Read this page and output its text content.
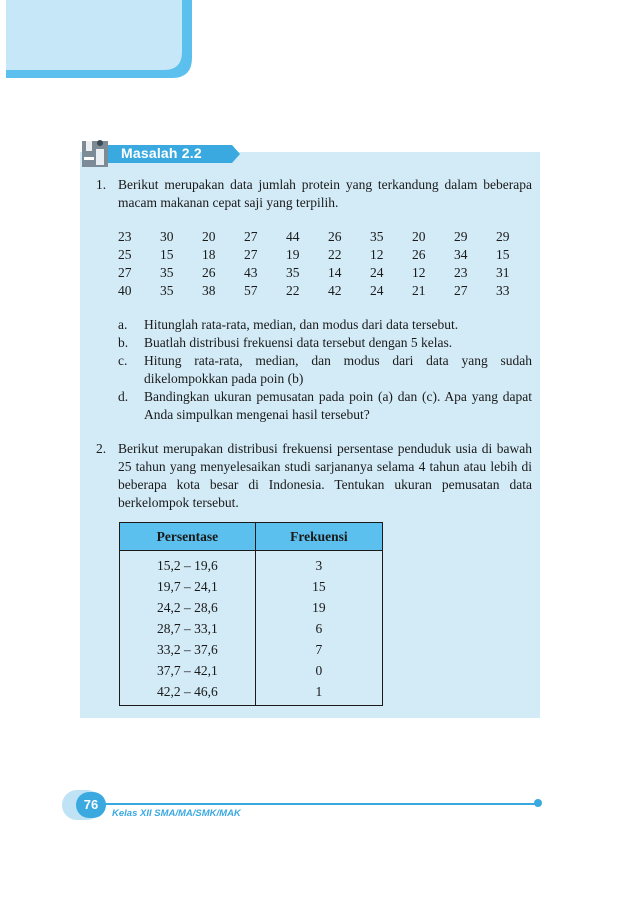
Masalah 2.2
1. Berikut merupakan data jumlah protein yang terkandung dalam beberapa macam makanan cepat saji yang terpilih.
23	30	20	27	44	26	35	20	29	29
25	15	18	27	19	22	12	26	34	15
27	35	26	43	35	14	24	12	23	31
40	35	38	57	22	42	24	21	27	33
a. Hitunglah rata-rata, median, dan modus dari data tersebut.
b. Buatlah distribusi frekuensi data tersebut dengan 5 kelas.
c. Hitung rata-rata, median, dan modus dari data yang sudah dikelompokkan pada poin (b)
d. Bandingkan ukuran pemusatan pada poin (a) dan (c). Apa yang dapat Anda simpulkan mengenai hasil tersebut?
2. Berikut merupakan distribusi frekuensi persentase penduduk usia di bawah 25 tahun yang menyelesaikan studi sarjananya selama 4 tahun atau lebih di beberapa kota besar di Indonesia. Tentukan ukuran pemusatan data berkelompok tersebut.
Persentase	Frekuensi
15,2 – 19,6	3
19,7 – 24,1	15
24,2 – 28,6	19
28,7 – 33,1	6
33,2 – 37,6	7
37,7 – 42,1	0
42,2 – 46,6	1
76
Kelas XII SMA/MA/SMK/MAK
